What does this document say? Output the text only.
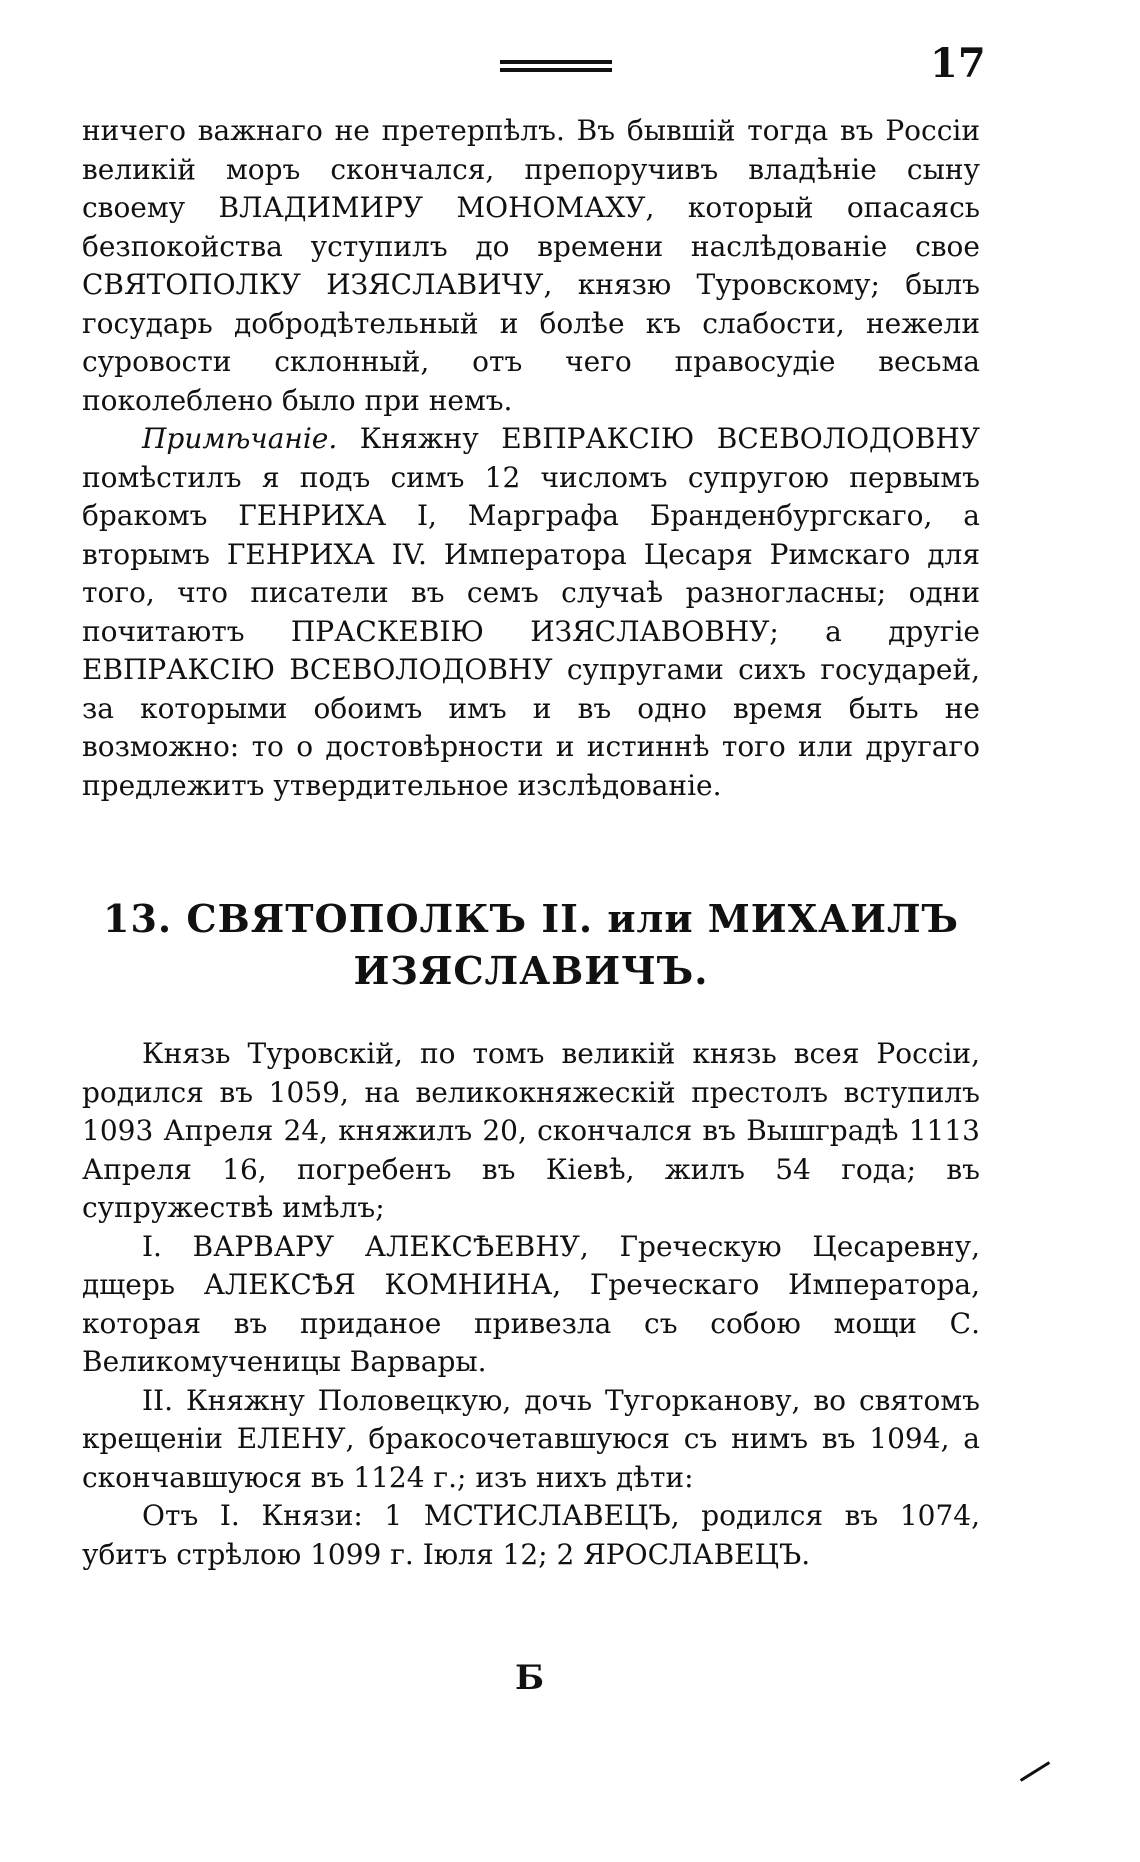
17

ничего важнаго не претерпѣлъ. Въ бывшій тогда въ Россіи великій моръ скончался, препоручивъ владѣніе сыну своему ВЛАДИМИРУ МОНОМАХУ, который опасаясь безпокойства уступилъ до времени наслѣдованіе свое СВЯТОПОЛКУ ИЗЯСЛАВИЧУ, князю Туровскому; былъ государь добродѣтельный и болѣе къ слабости, нежели суровости склонный, отъ чего правосудіе весьма поколеблено было при немъ.

Примѣчаніе. Княжну ЕВПРАКСІЮ ВСЕВОЛОДОВНУ помѣстилъ я подъ симъ 12 числомъ супругою первымъ бракомъ ГЕНРИХА I, Марграфа Бранденбургскаго, а вторымъ ГЕНРИХА IV. Императора Цесаря Римскаго для того, что писатели въ семъ случаѣ разногласны; одни почитаютъ ПРАСКЕВІЮ ИЗЯСЛАВОВНУ; а другіе ЕВПРАКСІЮ ВСЕВОЛОДОВНУ супругами сихъ государей, за которыми обоимъ имъ и въ одно время быть не возможно: то о достовѣрности и истиннѣ того или другаго предлежитъ утвердительное изслѣдованіе.

13. СВЯТОПОЛКЪ II. или МИХАИЛЪ

ИЗЯСЛАВИЧЪ.

Князь Туровскій, по томъ великій князь всея Россіи, родился въ 1059, на великокняжескій престолъ вступилъ 1093 Апреля 24, княжилъ 20, скончался въ Вышградѣ 1113 Апреля 16, погребенъ въ Кіевѣ, жилъ 54 года; въ супружествѣ имѣлъ;

I. ВАРВАРУ АЛЕКСѢЕВНУ, Греческую Цесаревну, дщерь АЛЕКСѢЯ КОМНИНА, Греческаго Императора, которая въ приданое привезла съ собою мощи С. Великомученицы Варвары.

II. Княжну Половецкую, дочь Тугорканову, во святомъ крещеніи ЕЛЕНУ, бракосочетавшуюся съ нимъ въ 1094, а скончавшуюся въ 1124 г.; изъ нихъ дѣти:

Отъ I. Князи: 1 МСТИСЛАВЕЦЪ, родился въ 1074, убитъ стрѣлою 1099 г. Іюля 12; 2 ЯРОСЛАВЕЦЪ.

Б
